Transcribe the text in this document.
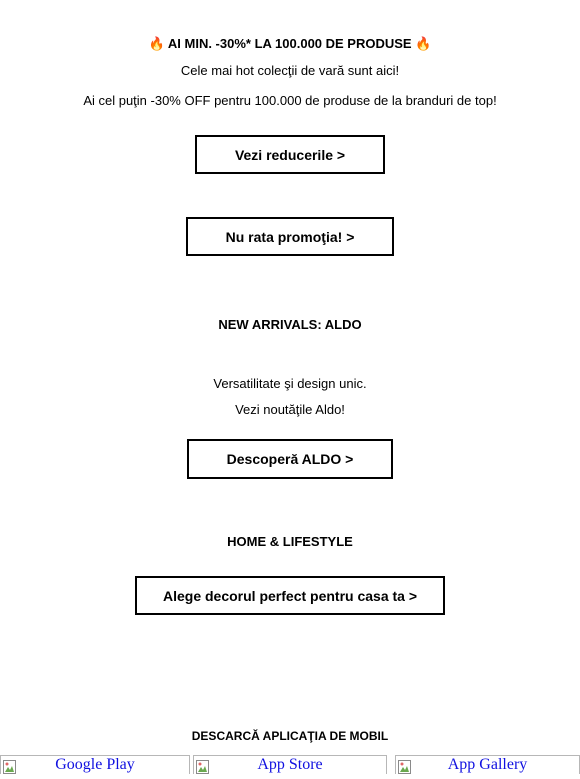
🔥 AI MIN. -30%* LA 100.000 DE PRODUSE 🔥
Cele mai hot colecţii de vară sunt aici!
Ai cel puţin -30% OFF pentru 100.000 de produse de la branduri de top!
Vezi reducerile >
Nu rata promoţia! >
NEW ARRIVALS: ALDO
Versatilitate şi design unic.
Vezi noutăţile Aldo!
Descoperă ALDO >
HOME & LIFESTYLE
Alege decorul perfect pentru casa ta >
DESCARCĂ APLICAŢIA DE MOBIL
Google Play	App Store	App Gallery
